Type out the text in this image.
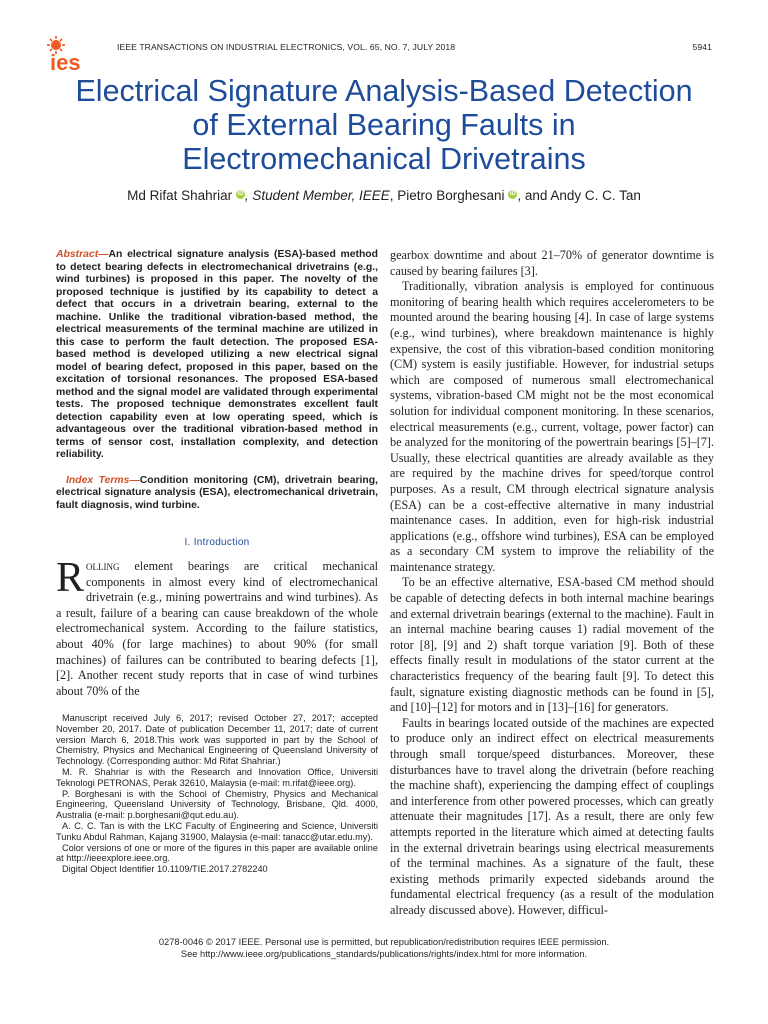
ies
IEEE TRANSACTIONS ON INDUSTRIAL ELECTRONICS, VOL. 65, NO. 7, JULY 2018	5941
Electrical Signature Analysis-Based Detection
of External Bearing Faults in
Electromechanical Drivetrains
Md Rifat Shahriar iD , Student Member, IEEE, Pietro Borghesani iD , and Andy C. C. Tan
Abstract—An electrical signature analysis (ESA)-based method to detect bearing defects in electromechanical drivetrains (e.g., wind turbines) is proposed in this paper. The novelty of the proposed technique is justified by its capability to detect a defect that occurs in a drivetrain bearing, external to the machine. Unlike the traditional vibration-based method, the electrical measurements of the terminal machine are utilized in this case to perform the fault detection. The proposed ESA-based method is developed utilizing a new electrical signal model of bearing defect, proposed in this paper, based on the excitation of torsional resonances. The proposed ESA-based method and the signal model are validated through experimental tests. The proposed technique demonstrates excellent fault detection capability even at low operating speed, which is advantageous over the traditional vibration-based method in terms of sensor cost, installation complexity, and detection reliability.
Index Terms—Condition monitoring (CM), drivetrain bearing, electrical signature analysis (ESA), electromechanical drivetrain, fault diagnosis, wind turbine.
I. Introduction
Rolling element bearings are critical mechanical components in almost every kind of electromechanical drivetrain (e.g., mining powertrains and wind turbines). As a result, failure of a bearing can cause breakdown of the whole electromechanical system. According to the failure statistics, about 40% (for large machines) to about 90% (for small machines) of failures can be contributed to bearing defects [1], [2]. Another recent study reports that in case of wind turbines about 70% of the

Manuscript received July 6, 2017; revised October 27, 2017; accepted November 20, 2017. Date of publication December 11, 2017; date of current version March 6, 2018.This work was supported in part by the School of Chemistry, Physics and Mechanical Engineering of Queensland University of Technology. (Corresponding author: Md Rifat Shahriar.)

M. R. Shahriar is with the Research and Innovation Office, Universiti Teknologi PETRONAS, Perak 32610, Malaysia (e-mail: m.rifat@ieee.org).

P. Borghesani is with the School of Chemistry, Physics and Mechanical Engineering, Queensland University of Technology, Brisbane, Qld. 4000, Australia (e-mail: p.borghesani@qut.edu.au).

A. C. C. Tan is with the LKC Faculty of Engineering and Science, Universiti Tunku Abdul Rahman, Kajang 31900, Malaysia (e-mail: tanacc@utar.edu.my).

Color versions of one or more of the figures in this paper are available online at http://ieeexplore.ieee.org.

Digital Object Identifier 10.1109/TIE.2017.2782240

gearbox downtime and about 21–70% of generator downtime is caused by bearing failures [3].

Traditionally, vibration analysis is employed for continuous monitoring of bearing health which requires accelerometers to be mounted around the bearing housing [4]. In case of large systems (e.g., wind turbines), where breakdown maintenance is highly expensive, the cost of this vibration-based condition monitoring (CM) system is easily justifiable. However, for industrial setups which are composed of numerous small electromechanical systems, vibration-based CM might not be the most economical solution for individual component monitoring. In these scenarios, electrical measurements (e.g., current, voltage, power factor) can be analyzed for the monitoring of the powertrain bearings [5]–[7]. Usually, these electrical quantities are already available as they are required by the machine drives for speed/torque control purposes. As a result, CM through electrical signature analysis (ESA) can be a cost-effective alternative in many industrial maintenance cases. In addition, even for high-risk industrial applications (e.g., offshore wind turbines), ESA can be employed as a secondary CM system to improve the reliability of the maintenance strategy.

To be an effective alternative, ESA-based CM method should be capable of detecting defects in both internal machine bearings and external drivetrain bearings (external to the machine). Fault in an internal machine bearing causes 1) radial movement of the rotor [8], [9] and 2) shaft torque variation [9]. Both of these effects finally result in modulations of the stator current at the characteristics frequency of the bearing fault [9]. To detect this fault, signature existing diagnostic methods can be found in [5], and [10]–[12] for motors and in [13]–[16] for generators.

Faults in bearings located outside of the machines are expected to produce only an indirect effect on electrical measurements through small torque/speed disturbances. Moreover, these disturbances have to travel along the drivetrain (before reaching the machine shaft), experiencing the damping effect of couplings and interference from other powered processes, which can greatly attenuate their magnitudes [17]. As a result, there are only few attempts reported in the literature which aimed at detecting faults in the external drivetrain bearings using electrical measurements of the terminal machines. As a signature of the fault, these existing methods primarily expected sidebands around the fundamental electrical frequency (as a result of the modulation already discussed above). However, difficul-

0278-0046 © 2017 IEEE. Personal use is permitted, but republication/redistribution requires IEEE permission.
See http://www.ieee.org/publications_standards/publications/rights/index.html for more information.
